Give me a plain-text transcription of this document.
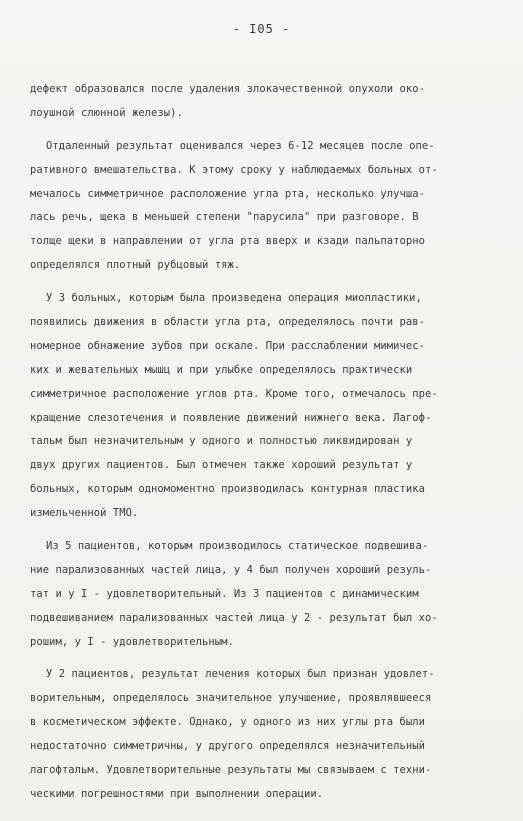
- I05 -
дефект образовался после удаления злокачественной опухоли око-
лоушной слюнной железы).
Отдаленный результат оценивался через 6-12 месяцев после опе-
ративного вмешательства. К этому сроку у наблюдаемых больных от-
мечалось симметричное расположение угла рта, несколько улучша-
лась речь, щека в меньшей степени "парусила" при разговоре. В
толще щеки в направлении от угла рта вверх и кзади пальпаторно
определялся плотный рубцовый тяж.
У 3 больных, которым была произведена операция миопластики,
появились движения в области угла рта, определялось почти рав-
номерное обнажение зубов при оскале. При расслаблении мимичес-
ких и жевательных мышц и при улыбке определялось практически
симметричное расположение углов рта. Кроме того, отмечалось пре-
кращение слезотечения и появление движений нижнего века. Лагоф-
тальм был незначительным у одного и полностью ликвидирован у
двух других пациентов. Был отмечен также хороший результат у
больных, которым одномоментно производилась контурная пластика
измельченной ТМО.
Из 5 пациентов, которым производилось статическое подвешива-
ние парализованных частей лица, у 4 был получен хороший резуль-
тат и у I - удовлетворительный. Из 3 пациентов с динамическим
подвешиванием парализованных частей лица у 2 - результат был хо-
рошим, у I - удовлетворительным.
У 2 пациентов, результат лечения которых был признан удовлет-
ворительным, определялось значительное улучшение, проявлявшееся
в косметическом эффекте. Однако, у одного из них углы рта были
недостаточно симметричны, у другого определялся незначительный
лагофтальм. Удовлетворительные результаты мы связываем с техни-
ческими погрешностями при выполнении операции.
